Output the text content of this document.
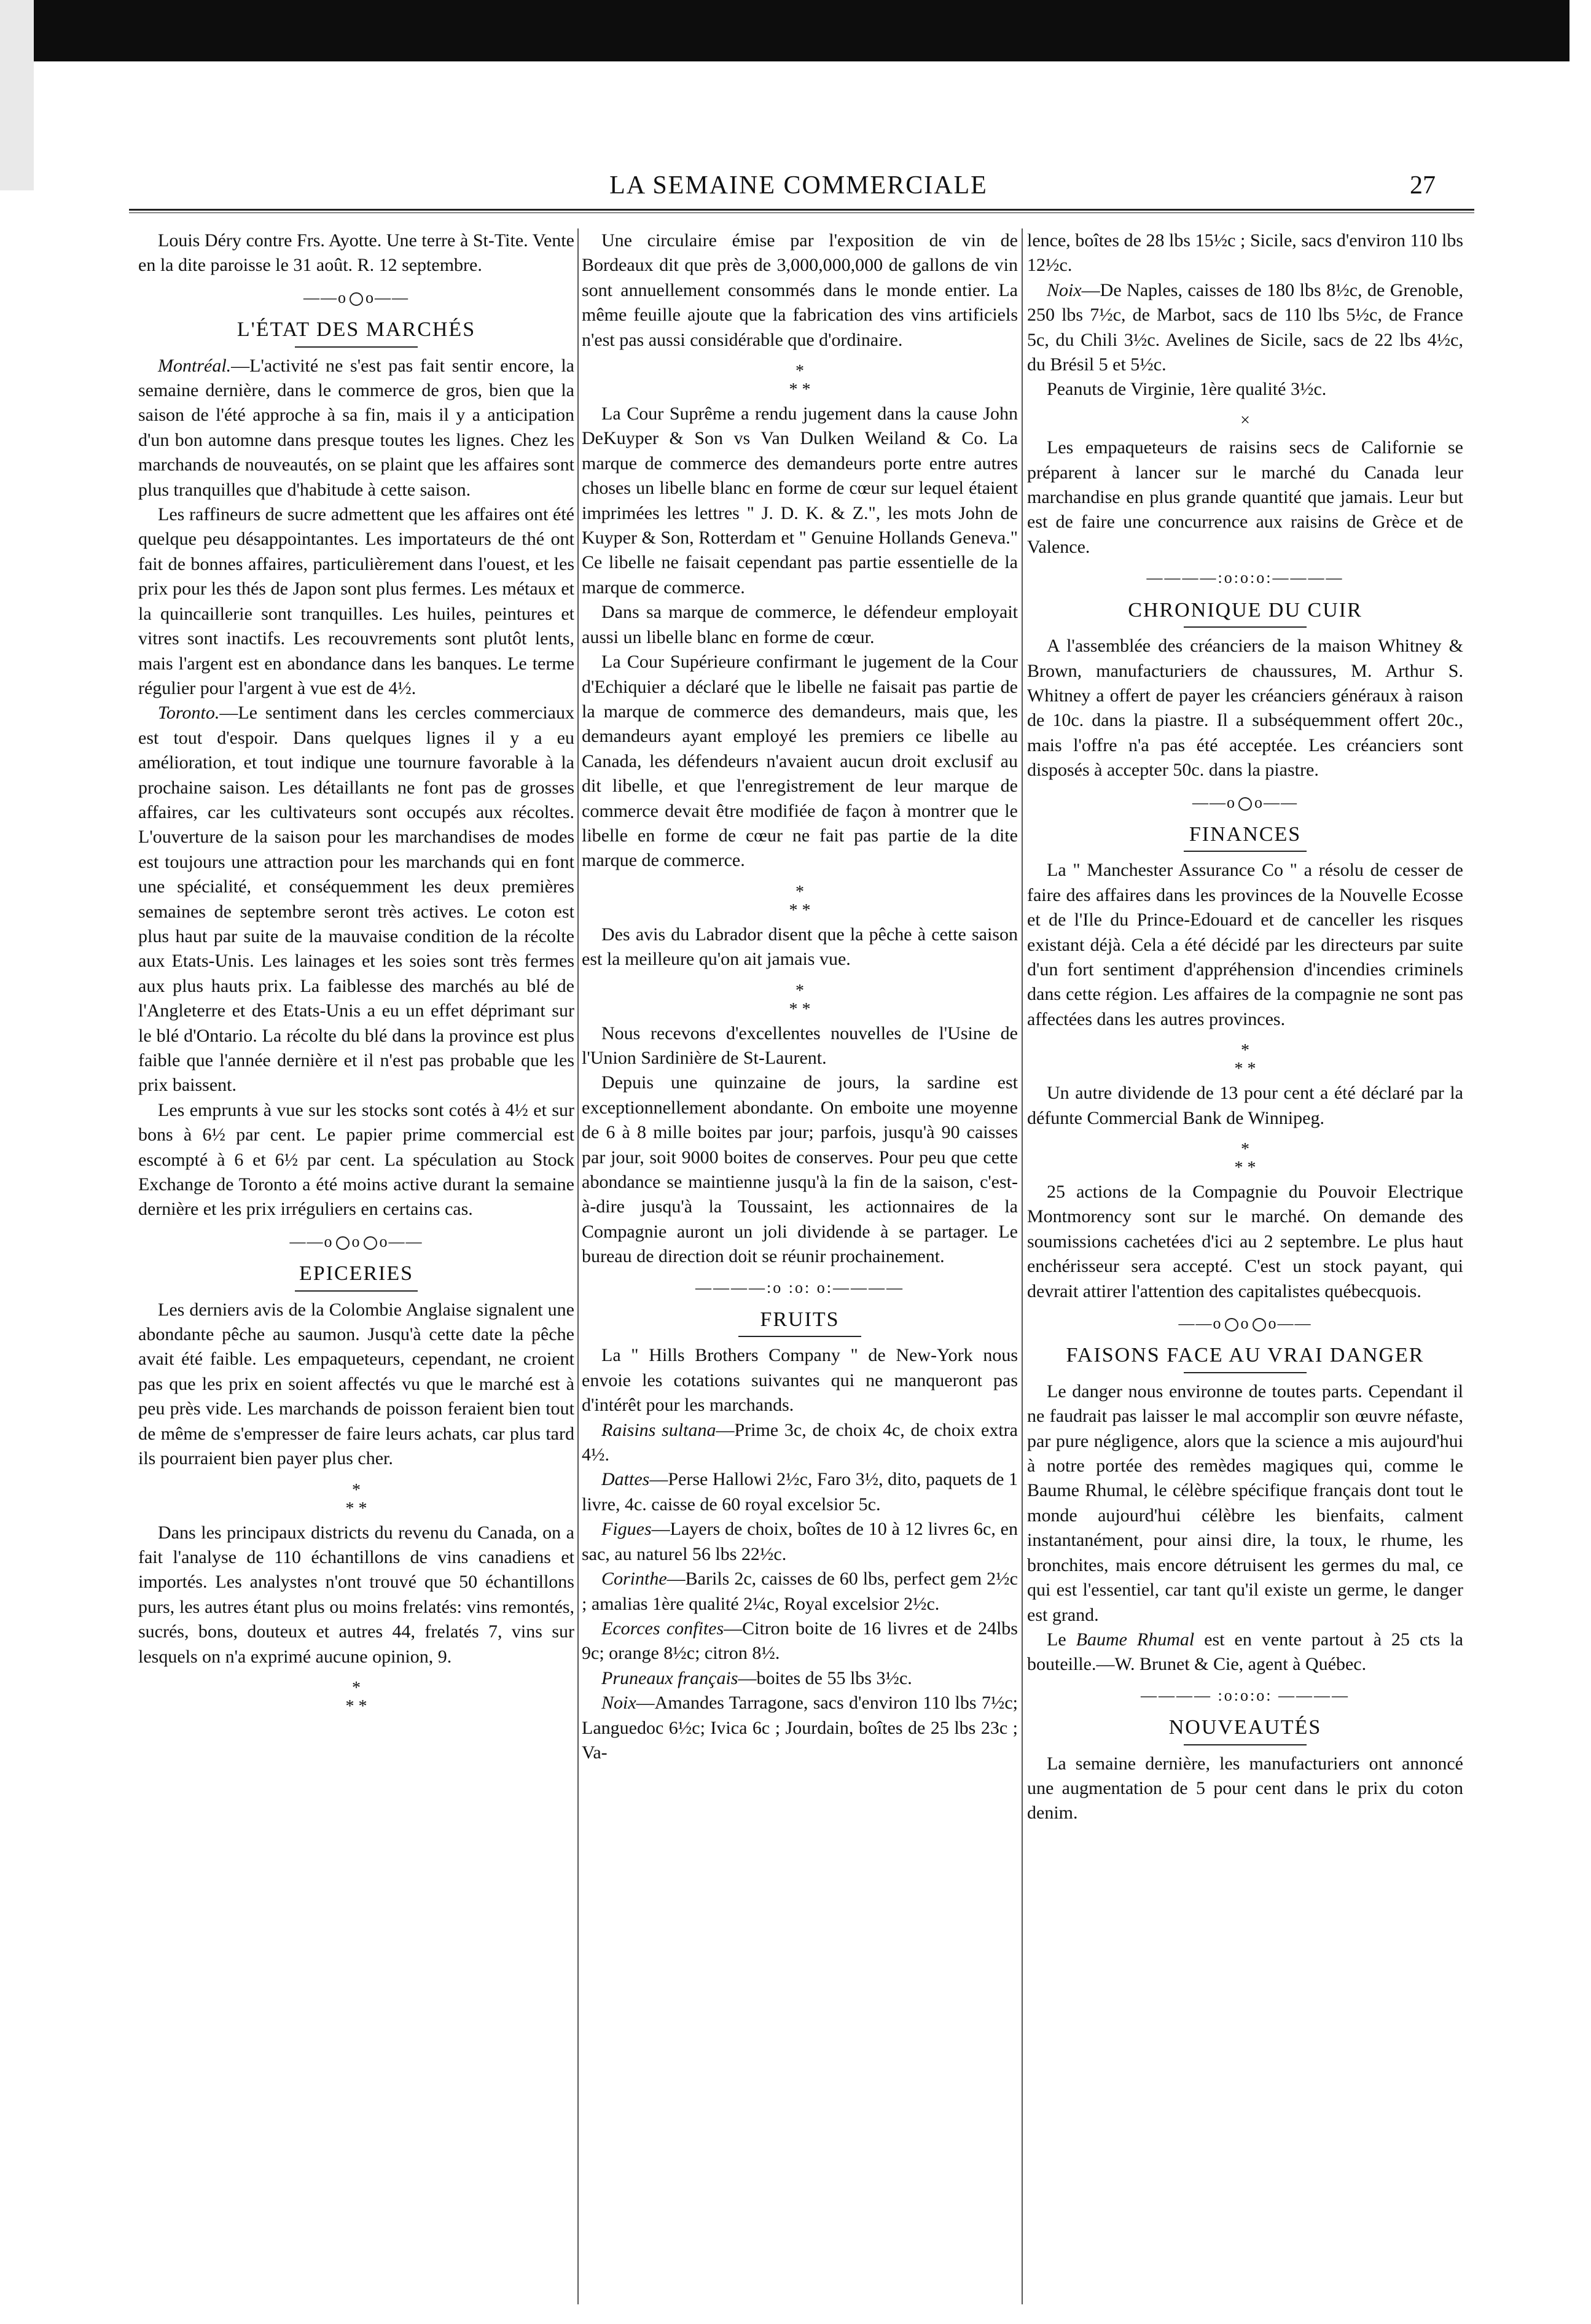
LA SEMAINE COMMERCIALE	27

Louis Déry contre Frs. Ayotte. Une terre à St-Tite. Vente en la dite paroisse le 31 août. R. 12 septembre.

——o o——
L'ÉTAT DES MARCHÉS

Montréal.—L'activité ne s'est pas fait sentir encore, la semaine dernière, dans le commerce de gros, bien que la saison de l'été approche à sa fin, mais il y a anticipation d'un bon automne dans presque toutes les lignes. Chez les marchands de nouveautés, on se plaint que les affaires sont plus tranquilles que d'habitude à cette saison.

Les raffineurs de sucre admettent que les affaires ont été quelque peu désappointantes. Les importateurs de thé ont fait de bonnes affaires, particulièrement dans l'ouest, et les prix pour les thés de Japon sont plus fermes. Les métaux et la quincaillerie sont tranquilles. Les huiles, peintures et vitres sont inactifs. Les recouvrements sont plutôt lents, mais l'argent est en abondance dans les banques. Le terme régulier pour l'argent à vue est de 4½.

Toronto.—Le sentiment dans les cercles commerciaux est tout d'espoir. Dans quelques lignes il y a eu amélioration, et tout indique une tournure favorable à la prochaine saison. Les détaillants ne font pas de grosses affaires, car les cultivateurs sont occupés aux récoltes. L'ouverture de la saison pour les marchandises de modes est toujours une attraction pour les marchands qui en font une spécialité, et conséquemment les deux premières semaines de septembre seront très actives. Le coton est plus haut par suite de la mauvaise condition de la récolte aux Etats-Unis. Les lainages et les soies sont très fermes aux plus hauts prix. La faiblesse des marchés au blé de l'Angleterre et des Etats-Unis a eu un effet déprimant sur le blé d'Ontario. La récolte du blé dans la province est plus faible que l'année dernière et il n'est pas probable que les prix baissent.

Les emprunts à vue sur les stocks sont cotés à 4½ et sur bons à 6½ par cent. Le papier prime commercial est escompté à 6 et 6½ par cent. La spéculation au Stock Exchange de Toronto a été moins active durant la semaine dernière et les prix irréguliers en certains cas.

——o o o——
EPICERIES

Les derniers avis de la Colombie Anglaise signalent une abondante pêche au saumon. Jusqu'à cette date la pêche avait été faible. Les empaqueteurs, cependant, ne croient pas que les prix en soient affectés vu que le marché est à peu près vide. Les marchands de poisson feraient bien tout de même de s'empresser de faire leurs achats, car plus tard ils pourraient bien payer plus cher.

*
* *

Dans les principaux districts du revenu du Canada, on a fait l'analyse de 110 échantillons de vins canadiens et importés. Les analystes n'ont trouvé que 50 échantillons purs, les autres étant plus ou moins frelatés: vins remontés, sucrés, bons, douteux et autres 44, frelatés 7, vins sur lesquels on n'a exprimé aucune opinion, 9.

*
* *

Une circulaire émise par l'exposition de vin de Bordeaux dit que près de 3,000,000,000 de gallons de vin sont annuellement consommés dans le monde entier. La même feuille ajoute que la fabrication des vins artificiels n'est pas aussi considérable que d'ordinaire.

*
* *

La Cour Suprême a rendu jugement dans la cause John DeKuyper & Son vs Van Dulken Weiland & Co. La marque de commerce des demandeurs porte entre autres choses un libelle blanc en forme de cœur sur lequel étaient imprimées les lettres " J. D. K. & Z.", les mots John de Kuyper & Son, Rotterdam et " Genuine Hollands Geneva." Ce libelle ne faisait cependant pas partie essentielle de la marque de commerce.

Dans sa marque de commerce, le défendeur employait aussi un libelle blanc en forme de cœur.

La Cour Supérieure confirmant le jugement de la Cour d'Echiquier a déclaré que le libelle ne faisait pas partie de la marque de commerce des demandeurs, mais que, les demandeurs ayant employé les premiers ce libelle au Canada, les défendeurs n'avaient aucun droit exclusif au dit libelle, et que l'enregistrement de leur marque de commerce devait être modifiée de façon à montrer que le libelle en forme de cœur ne fait pas partie de la dite marque de commerce.

*
* *

Des avis du Labrador disent que la pêche à cette saison est la meilleure qu'on ait jamais vue.

*
* *

Nous recevons d'excellentes nouvelles de l'Usine de l'Union Sardinière de St-Laurent.

Depuis une quinzaine de jours, la sardine est exceptionnellement abondante. On emboite une moyenne de 6 à 8 mille boites par jour; parfois, jusqu'à 90 caisses par jour, soit 9000 boites de conserves. Pour peu que cette abondance se maintienne jusqu'à la fin de la saison, c'est-à-dire jusqu'à la Toussaint, les actionnaires de la Compagnie auront un joli dividende à se partager. Le bureau de direction doit se réunir prochainement.

————:o :o: o:————
FRUITS

La " Hills Brothers Company " de New-York nous envoie les cotations suivantes qui ne manqueront pas d'intérêt pour les marchands.

Raisins sultana—Prime 3c, de choix 4c, de choix extra 4½.

Dattes—Perse Hallowi 2½c, Faro 3½, dito, paquets de 1 livre, 4c. caisse de 60 royal excelsior 5c.

Figues—Layers de choix, boîtes de 10 à 12 livres 6c, en sac, au naturel 56 lbs 22½c.

Corinthe—Barils 2c, caisses de 60 lbs, perfect gem 2½c ; amalias 1ère qualité 2¼c, Royal excelsior 2½c.

Ecorces confites—Citron boite de 16 livres et de 24lbs 9c; orange 8½c; citron 8½.

Pruneaux français—boites de 55 lbs 3½c.

Noix—Amandes Tarragone, sacs d'environ 110 lbs 7½c; Languedoc 6½c; Ivica 6c ; Jourdain, boîtes de 25 lbs 23c ; Va-

lence, boîtes de 28 lbs 15½c ; Sicile, sacs d'environ 110 lbs 12½c.

Noix—De Naples, caisses de 180 lbs 8½c, de Grenoble, 250 lbs 7½c, de Marbot, sacs de 110 lbs 5½c, de France 5c, du Chili 3½c. Avelines de Sicile, sacs de 22 lbs 4½c, du Brésil 5 et 5½c.

Peanuts de Virginie, 1ère qualité 3½c.

×

Les empaqueteurs de raisins secs de Californie se préparent à lancer sur le marché du Canada leur marchandise en plus grande quantité que jamais. Leur but est de faire une concurrence aux raisins de Grèce et de Valence.

————:o:o:o:————
CHRONIQUE DU CUIR

A l'assemblée des créanciers de la maison Whitney & Brown, manufacturiers de chaussures, M. Arthur S. Whitney a offert de payer les créanciers généraux à raison de 10c. dans la piastre. Il a subséquemment offert 20c., mais l'offre n'a pas été acceptée. Les créanciers sont disposés à accepter 50c. dans la piastre.

——o o——
FINANCES

La " Manchester Assurance Co " a résolu de cesser de faire des affaires dans les provinces de la Nouvelle Ecosse et de l'Ile du Prince-Edouard et de canceller les risques existant déjà. Cela a été décidé par les directeurs par suite d'un fort sentiment d'appréhension d'incendies criminels dans cette région. Les affaires de la compagnie ne sont pas affectées dans les autres provinces.

*
* *

Un autre dividende de 13 pour cent a été déclaré par la défunte Commercial Bank de Winnipeg.

*
* *

25 actions de la Compagnie du Pouvoir Electrique Montmorency sont sur le marché. On demande des soumissions cachetées d'ici au 2 septembre. Le plus haut enchérisseur sera accepté. C'est un stock payant, qui devrait attirer l'attention des capitalistes québecquois.

——o o o——
FAISONS FACE AU VRAI DANGER

Le danger nous environne de toutes parts. Cependant il ne faudrait pas laisser le mal accomplir son œuvre néfaste, par pure négligence, alors que la science a mis aujourd'hui à notre portée des remèdes magiques qui, comme le Baume Rhumal, le célèbre spécifique français dont tout le monde aujourd'hui célèbre les bienfaits, calment instantanément, pour ainsi dire, la toux, le rhume, les bronchites, mais encore détruisent les germes du mal, ce qui est l'essentiel, car tant qu'il existe un germe, le danger est grand.

Le Baume Rhumal est en vente partout à 25 cts la bouteille.—W. Brunet & Cie, agent à Québec.

———— :o:o:o: ————
NOUVEAUTÉS

La semaine dernière, les manufacturiers ont annoncé une augmentation de 5 pour cent dans le prix du coton denim.
